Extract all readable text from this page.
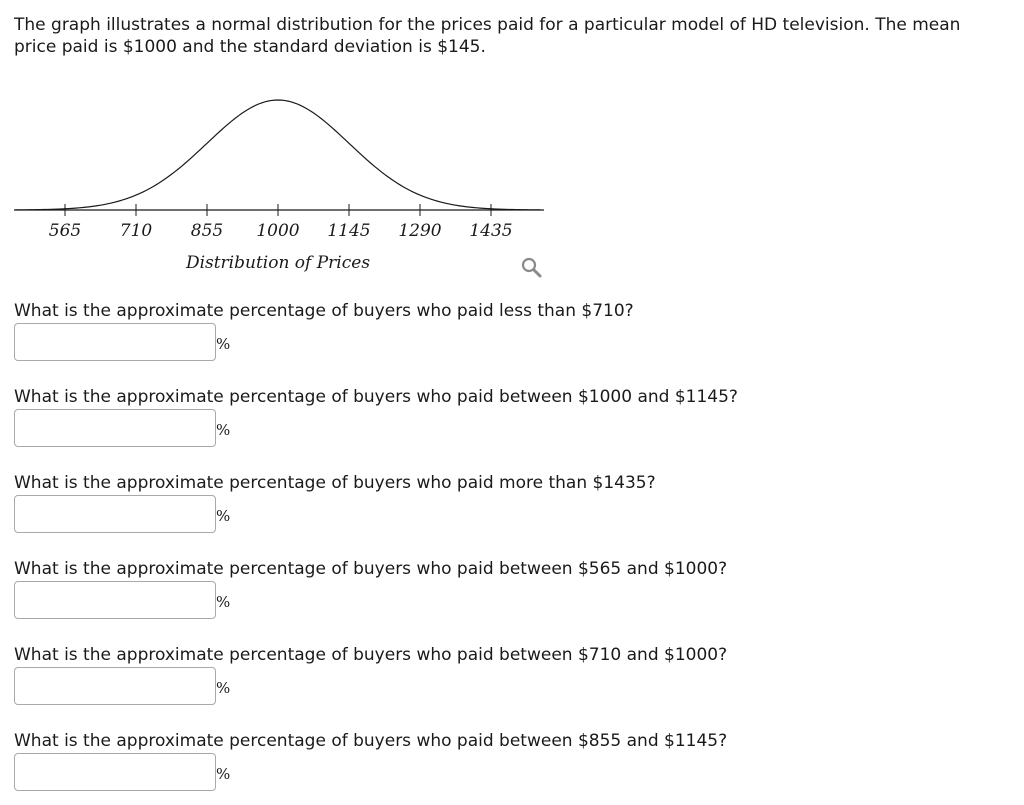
The graph illustrates a normal distribution for the prices paid for a particular model of HD television. The mean price paid is $1000 and the standard deviation is $145.

565 710 855 1000 1145 1290 1435
Distribution of Prices

What is the approximate percentage of buyers who paid less than $710?

%

What is the approximate percentage of buyers who paid between $1000 and $1145?

%

What is the approximate percentage of buyers who paid more than $1435?

%

What is the approximate percentage of buyers who paid between $565 and $1000?

%

What is the approximate percentage of buyers who paid between $710 and $1000?

%

What is the approximate percentage of buyers who paid between $855 and $1145?

%
